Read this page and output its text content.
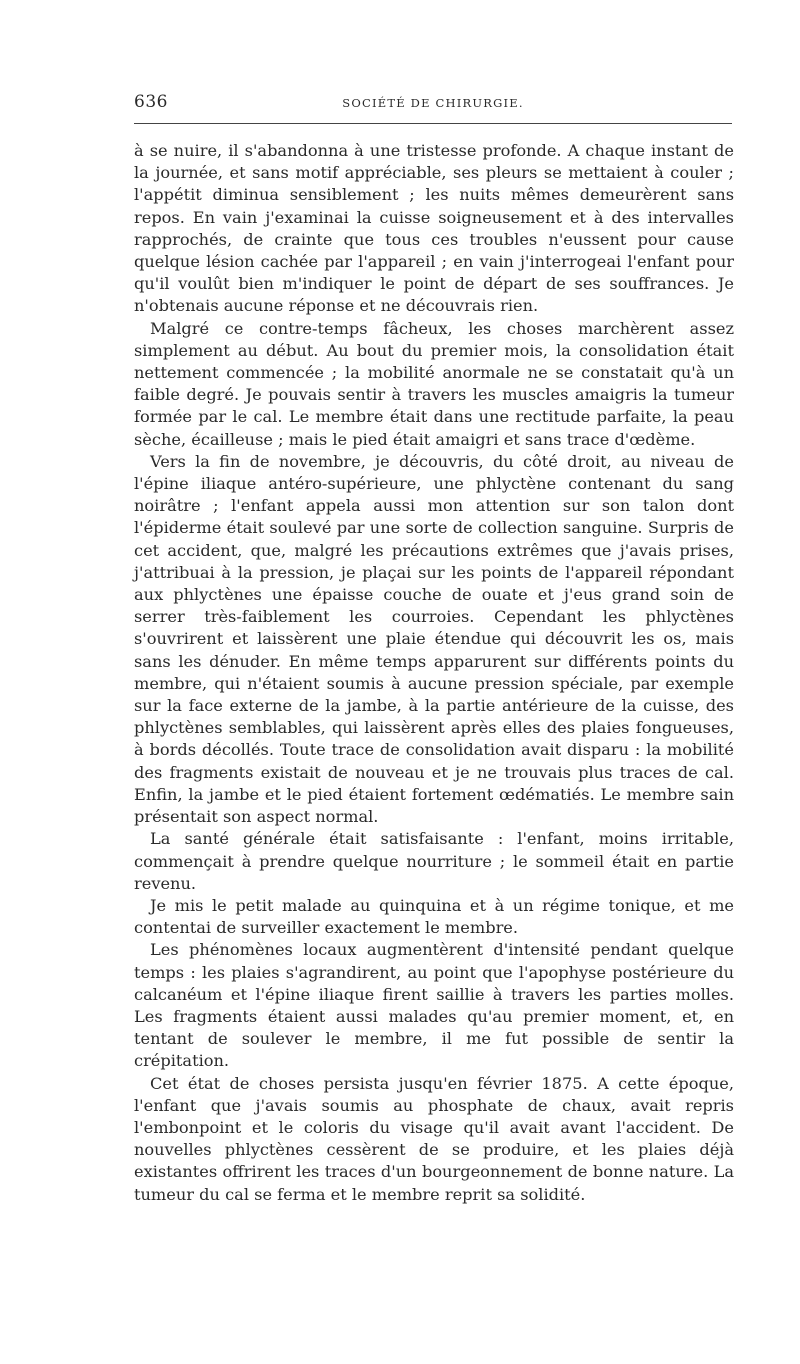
636	SOCIÉTÉ DE CHIRURGIE.

à se nuire, il s'abandonna à une tristesse profonde. A chaque instant de la journée, et sans motif appréciable, ses pleurs se mettaient à couler ; l'appétit diminua sensiblement ; les nuits mêmes demeurèrent sans repos. En vain j'examinai la cuisse soigneusement et à des intervalles rapprochés, de crainte que tous ces troubles n'eussent pour cause quelque lésion cachée par l'appareil ; en vain j'interrogeai l'enfant pour qu'il voulût bien m'indiquer le point de départ de ses souffrances. Je n'obtenais aucune réponse et ne découvrais rien.

Malgré ce contre-temps fâcheux, les choses marchèrent assez simplement au début. Au bout du premier mois, la consolidation était nettement commencée ; la mobilité anormale ne se constatait qu'à un faible degré. Je pouvais sentir à travers les muscles amaigris la tumeur formée par le cal. Le membre était dans une rectitude parfaite, la peau sèche, écailleuse ; mais le pied était amaigri et sans trace d'œdème.

Vers la fin de novembre, je découvris, du côté droit, au niveau de l'épine iliaque antéro-supérieure, une phlyctène contenant du sang noirâtre ; l'enfant appela aussi mon attention sur son talon dont l'épiderme était soulevé par une sorte de collection sanguine. Surpris de cet accident, que, malgré les précautions extrêmes que j'avais prises, j'attribuai à la pression, je plaçai sur les points de l'appareil répondant aux phlyctènes une épaisse couche de ouate et j'eus grand soin de serrer très-faiblement les courroies. Cependant les phlyctènes s'ouvrirent et laissèrent une plaie étendue qui découvrit les os, mais sans les dénuder. En même temps apparurent sur différents points du membre, qui n'étaient soumis à aucune pression spéciale, par exemple sur la face externe de la jambe, à la partie antérieure de la cuisse, des phlyctènes semblables, qui laissèrent après elles des plaies fongueuses, à bords décollés. Toute trace de consolidation avait disparu : la mobilité des fragments existait de nouveau et je ne trouvais plus traces de cal. Enfin, la jambe et le pied étaient fortement œdématiés. Le membre sain présentait son aspect normal.

La santé générale était satisfaisante : l'enfant, moins irritable, commençait à prendre quelque nourriture ; le sommeil était en partie revenu.

Je mis le petit malade au quinquina et à un régime tonique, et me contentai de surveiller exactement le membre.

Les phénomènes locaux augmentèrent d'intensité pendant quelque temps : les plaies s'agrandirent, au point que l'apophyse postérieure du calcanéum et l'épine iliaque firent saillie à travers les parties molles. Les fragments étaient aussi malades qu'au premier moment, et, en tentant de soulever le membre, il me fut possible de sentir la crépitation.

Cet état de choses persista jusqu'en février 1875. A cette époque, l'enfant que j'avais soumis au phosphate de chaux, avait repris l'embonpoint et le coloris du visage qu'il avait avant l'accident. De nouvelles phlyctènes cessèrent de se produire, et les plaies déjà existantes offrirent les traces d'un bourgeonnement de bonne nature. La tumeur du cal se ferma et le membre reprit sa solidité.
